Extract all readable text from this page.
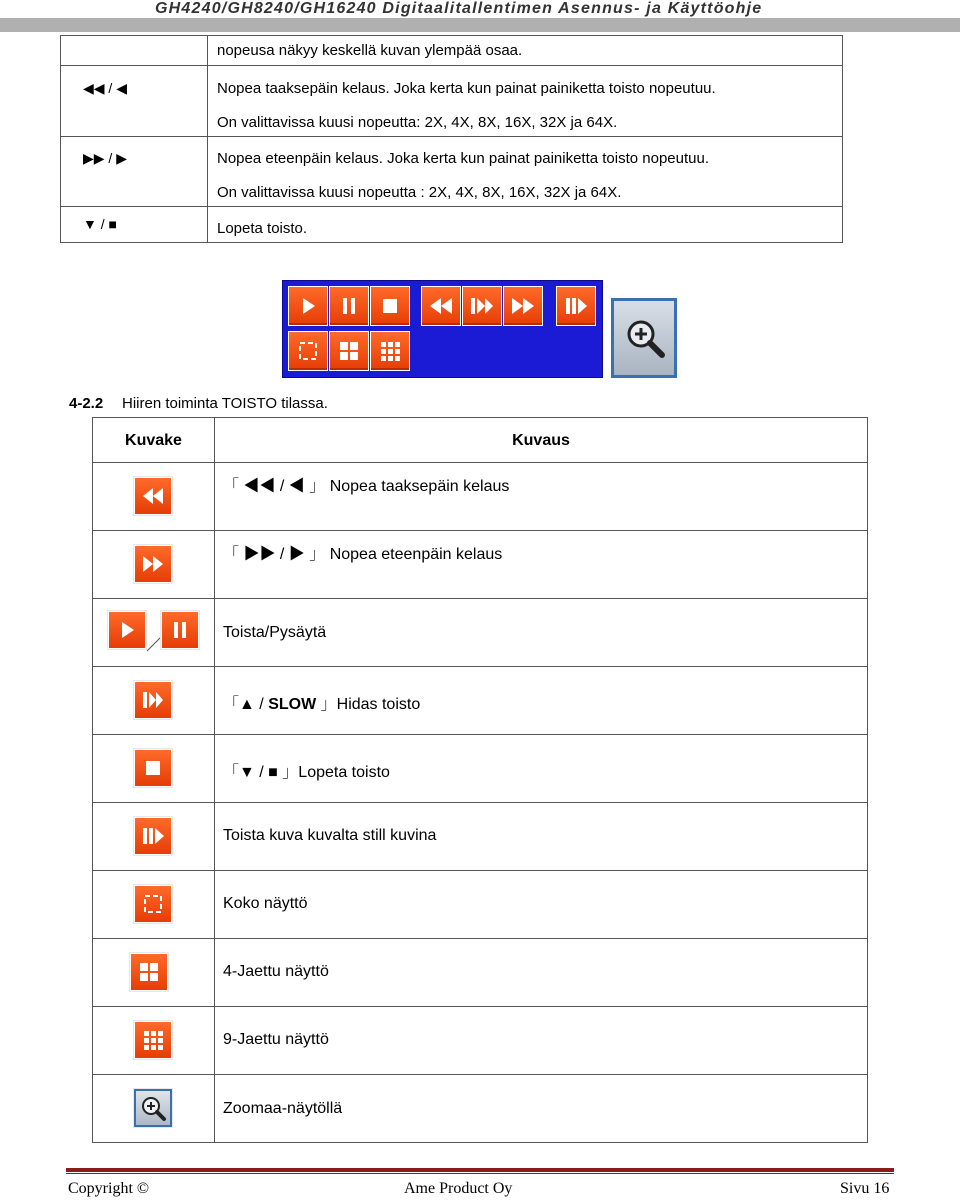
GH4240/GH8240/GH16240 Digitaalitallentimen Asennus- ja Käyttöohje
nopeusa näkyy keskellä kuvan ylempää osaa.
◀◀ / ◀	Nopea taaksepäin kelaus. Joka kerta kun painat painiketta toisto nopeutuu.
On valittavissa kuusi nopeutta: 2X, 4X, 8X, 16X, 32X ja 64X.
▶▶ / ▶	Nopea eteenpäin kelaus. Joka kerta kun painat painiketta toisto nopeutuu.
On valittavissa kuusi nopeutta : 2X, 4X, 8X, 16X, 32X ja 64X.
▼ / ■	Lopeta toisto.
4-2.2 Hiiren toiminta TOISTO tilassa.
Kuvake	Kuvaus
「 ◀◀ / ◀ 」 Nopea taaksepäin kelaus
「 ▶▶ / ▶ 」 Nopea eteenpäin kelaus
Toista/Pysäytä
「▲ / SLOW 」Hidas toisto
「▼ / ■ 」Lopeta toisto
Toista kuva kuvalta still kuvina
Koko näyttö
4-Jaettu näyttö
9-Jaettu näyttö
Zoomaa-näytöllä
Copyright ©	Ame Product Oy	Sivu 16
